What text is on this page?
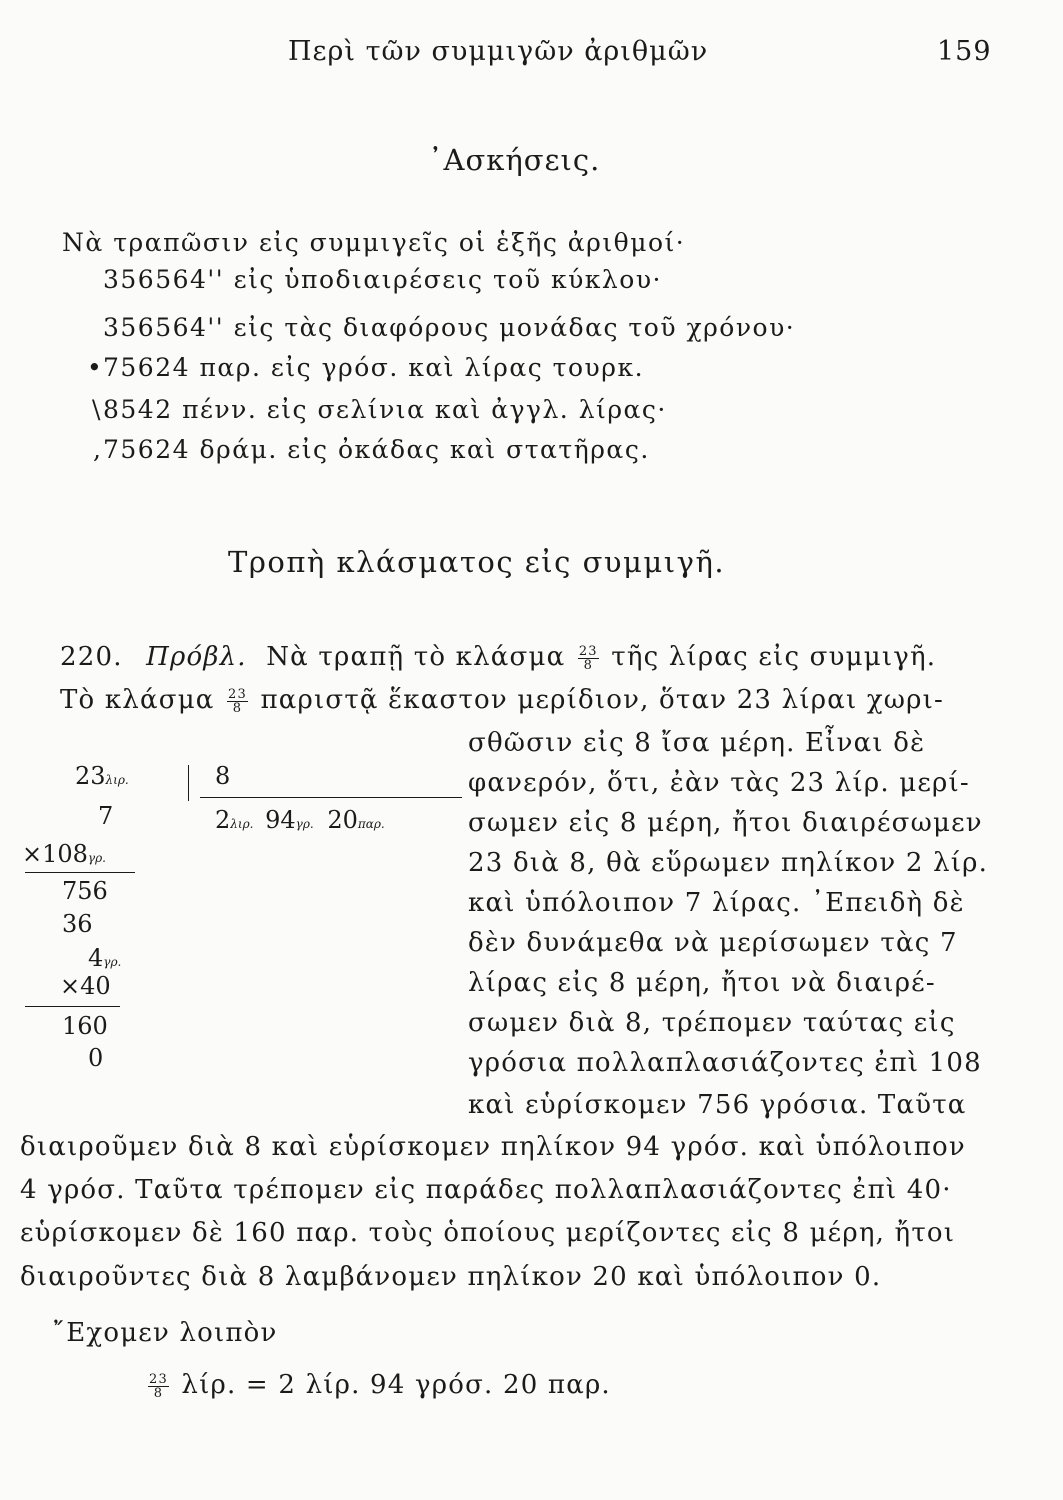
Περὶ τῶν συμμιγῶν ἀριθμῶν	159
᾿Ασκήσεις.
Νὰ τραπῶσιν εἰς συμμιγεῖς οἱ ἑξῆς ἀριθμοί·
356564'' εἰς ὑποδιαιρέσεις τοῦ κύκλου·
356564'' εἰς τὰς διαφόρους μονάδας τοῦ χρόνου·
• 75624 παρ. εἰς γρόσ. καὶ λίρας τουρκ.
\ 8542 πένν. εἰς σελίνια καὶ ἀγγλ. λίρας·
, 75624 δράμ. εἰς ὀκάδας καὶ στατῆρας.
Τροπὴ κλάσματος εἰς συμμιγῆ.
220. Πρόβλ. Νὰ τραπῇ τὸ κλάσμα $\frac{23}{8}$ τῆς λίρας εἰς συμμιγῆ.
Τὸ κλάσμα $\frac{23}{8}$ παριστᾷ ἕκαστον μερίδιον, ὅταν 23 λίραι χωρι-
σθῶσιν εἰς 8 ἴσα μέρη. Εἶναι δὲ
φανερόν, ὅτι, ἐὰν τὰς 23 λίρ. μερί-
σωμεν εἰς 8 μέρη, ἤτοι διαιρέσωμεν
23 διὰ 8, θὰ εὕρωμεν πηλίκον 2 λίρ.
καὶ ὑπόλοιπον 7 λίρας. ᾿Επειδὴ δὲ
δὲν δυνάμεθα νὰ μερίσωμεν τὰς 7
λίρας εἰς 8 μέρη, ἤτοι νὰ διαιρέ-
σωμεν διὰ 8, τρέπομεν ταύτας εἰς
γρόσια πολλαπλασιάζοντες ἐπὶ 108
καὶ εὑρίσκομεν 756 γρόσια. Ταῦτα
διαιροῦμεν διὰ 8 καὶ εὑρίσκομεν πηλίκον 94 γρόσ. καὶ ὑπόλοιπον
4 γρόσ. Ταῦτα τρέπομεν εἰς παράδες πολλαπλασιάζοντες ἐπὶ 40·
εὑρίσκομεν δὲ 160 παρ. τοὺς ὁποίους μερίζοντες εἰς 8 μέρη, ἤτοι
διαιροῦντες διὰ 8 λαμβάνομεν πηλίκον 20 καὶ ὑπόλοιπον 0.
῎Εχομεν λοιπὸν
$\frac{23}{8} \lambda ί\rho$. = 2 λίρ. 94 γρόσ. 20 παρ.
23λιρ.	8
2λιρ. 94γρ. 20παρ.
7
×108γρ.
756
36
4γρ.
×40
160
0
